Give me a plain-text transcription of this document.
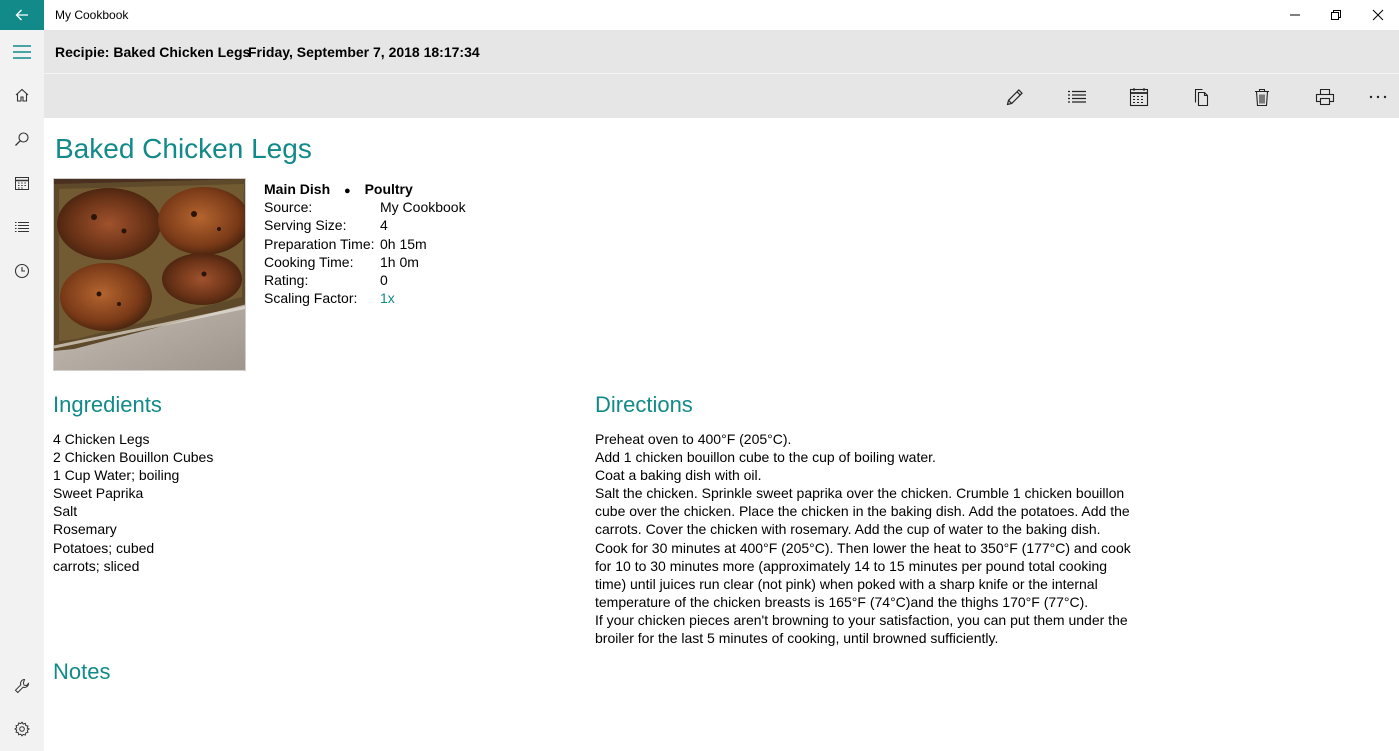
My Cookbook
Recipie: Baked Chicken Legs
Friday, September 7, 2018 18:17:34
Baked Chicken Legs
Main Dish ● Poultry
Source:	My Cookbook
Serving Size: 4
Preparation Time: 0h 15m
Cooking Time: 1h 0m
Rating:	0
Scaling Factor: 1x
Ingredients
4 Chicken Legs
2 Chicken Bouillon Cubes
1 Cup Water; boiling
Sweet Paprika
Salt
Rosemary
Potatoes; cubed
carrots; sliced
Directions
Preheat oven to 400°F (205°C).
Add 1 chicken bouillon cube to the cup of boiling water.
Coat a baking dish with oil.
Salt the chicken. Sprinkle sweet paprika over the chicken. Crumble 1 chicken bouillon
cube over the chicken. Place the chicken in the baking dish. Add the potatoes. Add the
carrots. Cover the chicken with rosemary. Add the cup of water to the baking dish.
Cook for 30 minutes at 400°F (205°C). Then lower the heat to 350°F (177°C) and cook
for 10 to 30 minutes more (approximately 14 to 15 minutes per pound total cooking
time) until juices run clear (not pink) when poked with a sharp knife or the internal
temperature of the chicken breasts is 165°F (74°C)and the thighs 170°F (77°C).
If your chicken pieces aren't browning to your satisfaction, you can put them under the
broiler for the last 5 minutes of cooking, until browned sufficiently.
Notes
